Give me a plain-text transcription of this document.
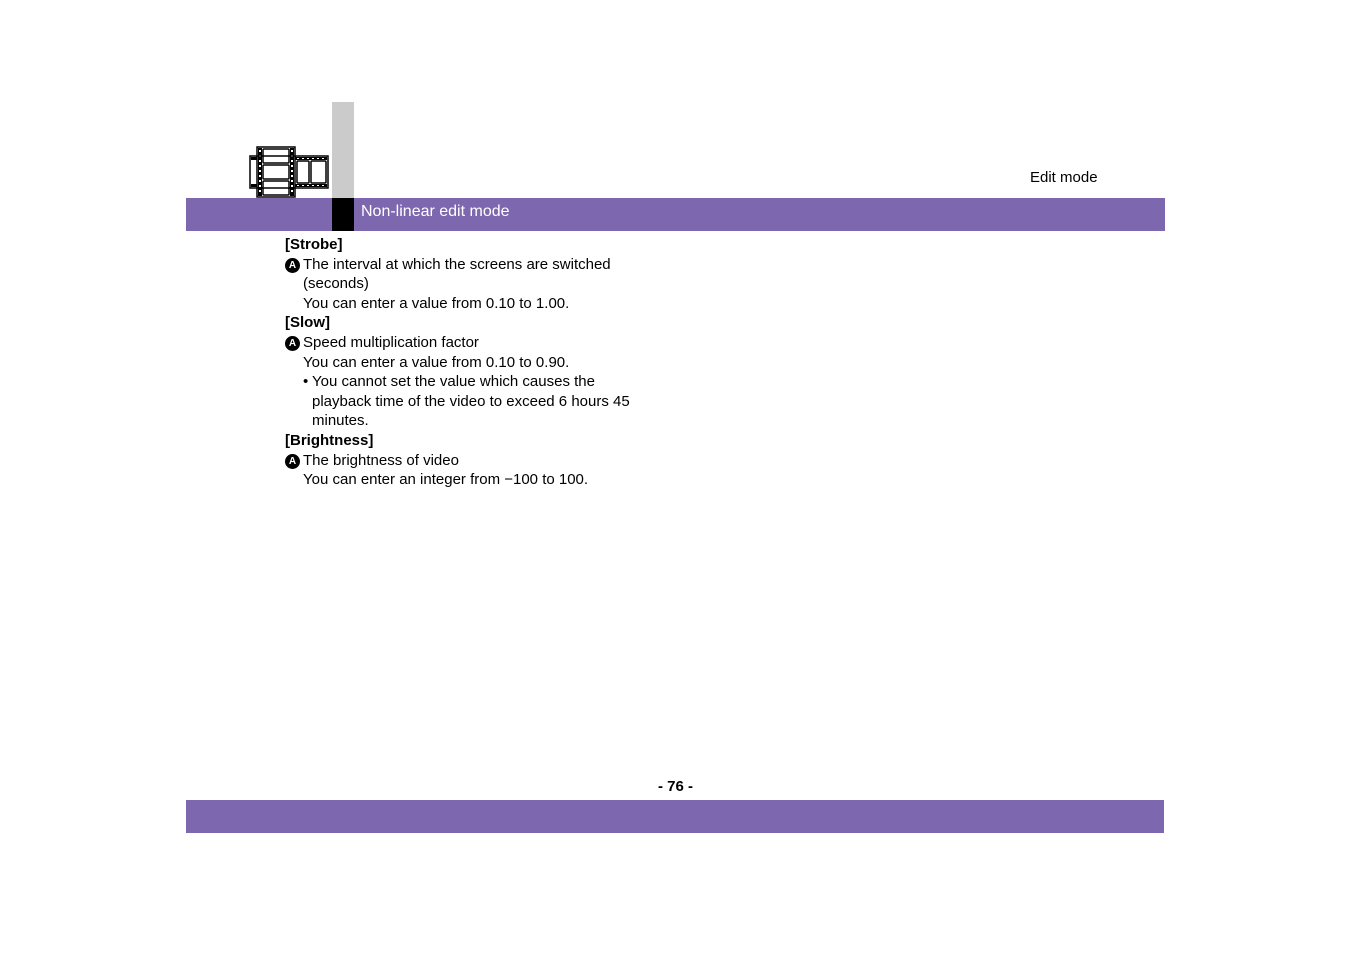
Edit mode
Non-linear edit mode
[Strobe]
A The interval at which the screens are switched
(seconds)
You can enter a value from 0.10 to 1.00.
[Slow]
A Speed multiplication factor
You can enter a value from 0.10 to 0.90.
• You cannot set the value which causes the
playback time of the video to exceed 6 hours 45
minutes.
[Brightness]
A The brightness of video
You can enter an integer from −100 to 100.
- 76 -
